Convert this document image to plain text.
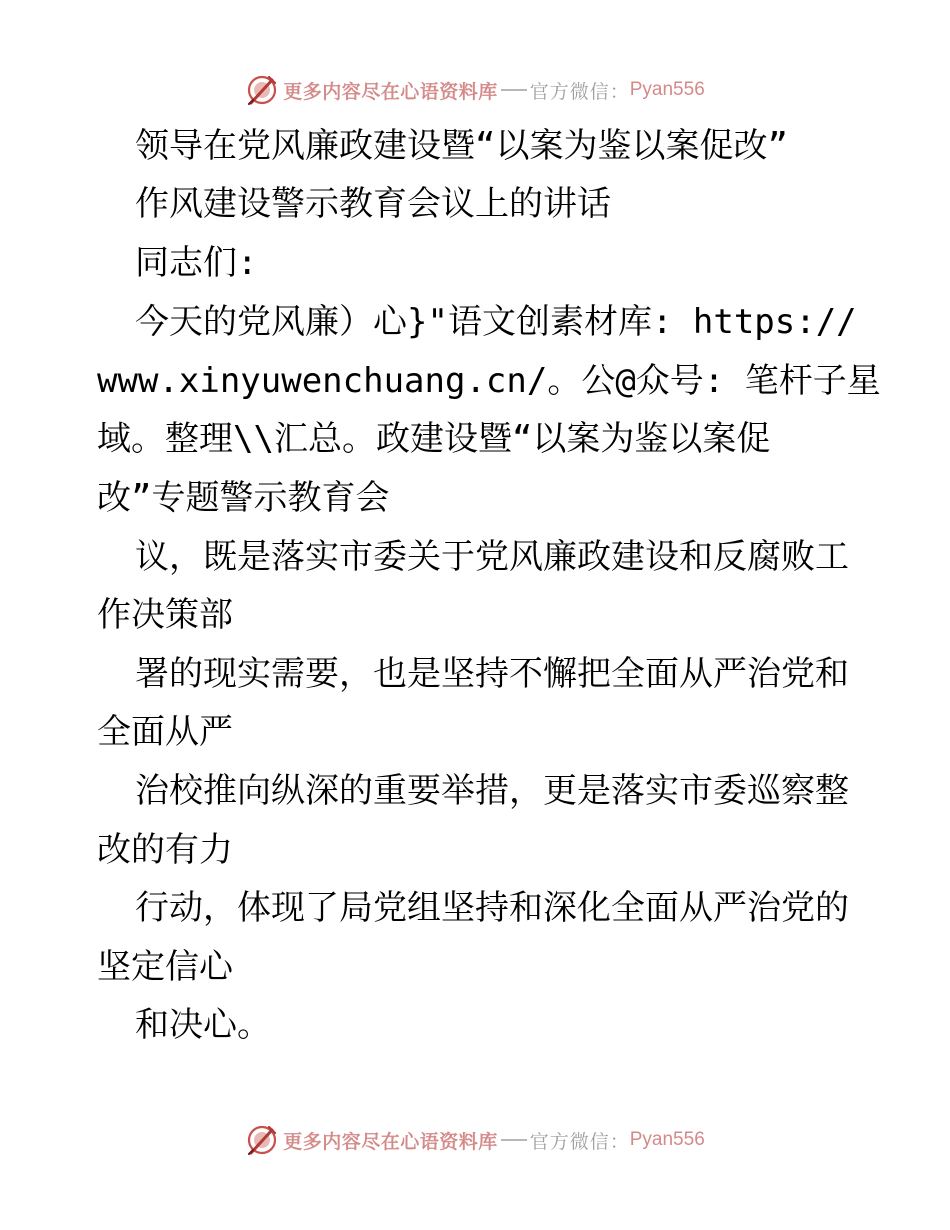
更多内容尽在心语资料库 官方微信： Pyan556
领导在党风廉政建设暨“以案为鉴以案促改”
作风建设警示教育会议上的讲话
同志们:
今天的党风廉）心}"语文创素材库: https://
www.xinyuwenchuang.cn/。公@众号: 笔杆子星
域。整理\\汇总。政建设暨“以案为鉴以案促
改”专题警示教育会
议，既是落实市委关于党风廉政建设和反腐败工
作决策部
署的现实需要，也是坚持不懈把全面从严治党和
全面从严
治校推向纵深的重要举措，更是落实市委巡察整
改的有力
行动，体现了局党组坚持和深化全面从严治党的
坚定信心
和决心。
更多内容尽在心语资料库 官方微信： Pyan556
